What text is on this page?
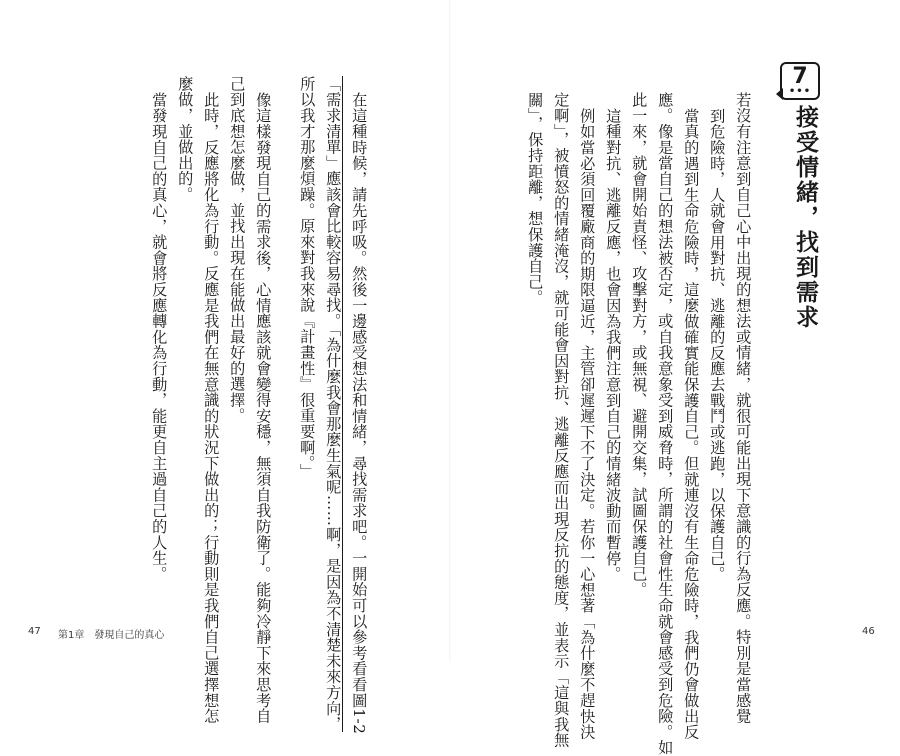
7
•••
接受情緒，找到需求
若沒有注意到自己心中出現的想法或情緒，就很可能出現下意識的行為反應。特別是當感覺
到危險時，人就會用對抗、逃離的反應去戰鬥或逃跑，以保護自己。
當真的遇到生命危險時，這麼做確實能保護自己。但就連沒有生命危險時，我們仍會做出反
應。像是當自己的想法被否定，或自我意象受到威脅時，所謂的社會性生命就會感受到危險。如
此一來，就會開始責怪、攻擊對方，或無視、避開交集，試圖保護自己。
這種對抗、逃離反應，也會因為我們注意到自己的情緒波動而暫停。
例如當必須回覆廠商的期限逼近，主管卻遲遲下不了決定。若你一心想著「為什麼不趕快決
定啊」，被憤怒的情緒淹沒，就可能會因對抗、逃離反應而出現反抗的態度，並表示「這與我無
關」，保持距離，想保護自己。
46
在這種時候，請先呼吸。然後一邊感受想法和情緒，尋找需求吧。一開始可以參考看看圖1-2
「需求清單」應該會比較容易尋找。「為什麼我會那麼生氣呢……啊，是因為不清楚未來方向，
所以我才那麼煩躁。原來對我來說『計畫性』很重要啊。」
像這樣發現自己的需求後，心情應該就會變得安穩，無須自我防衛了。能夠冷靜下來思考自
己到底想怎麼做，並找出現在能做出最好的選擇。
此時，反應將化為行動。反應是我們在無意識的狀況下做出的；行動則是我們自己選擇想怎
麼做，並做出的。
當發現自己的真心，就會將反應轉化為行動，能更自主過自己的人生。
47 第1章　發現自己的真心
